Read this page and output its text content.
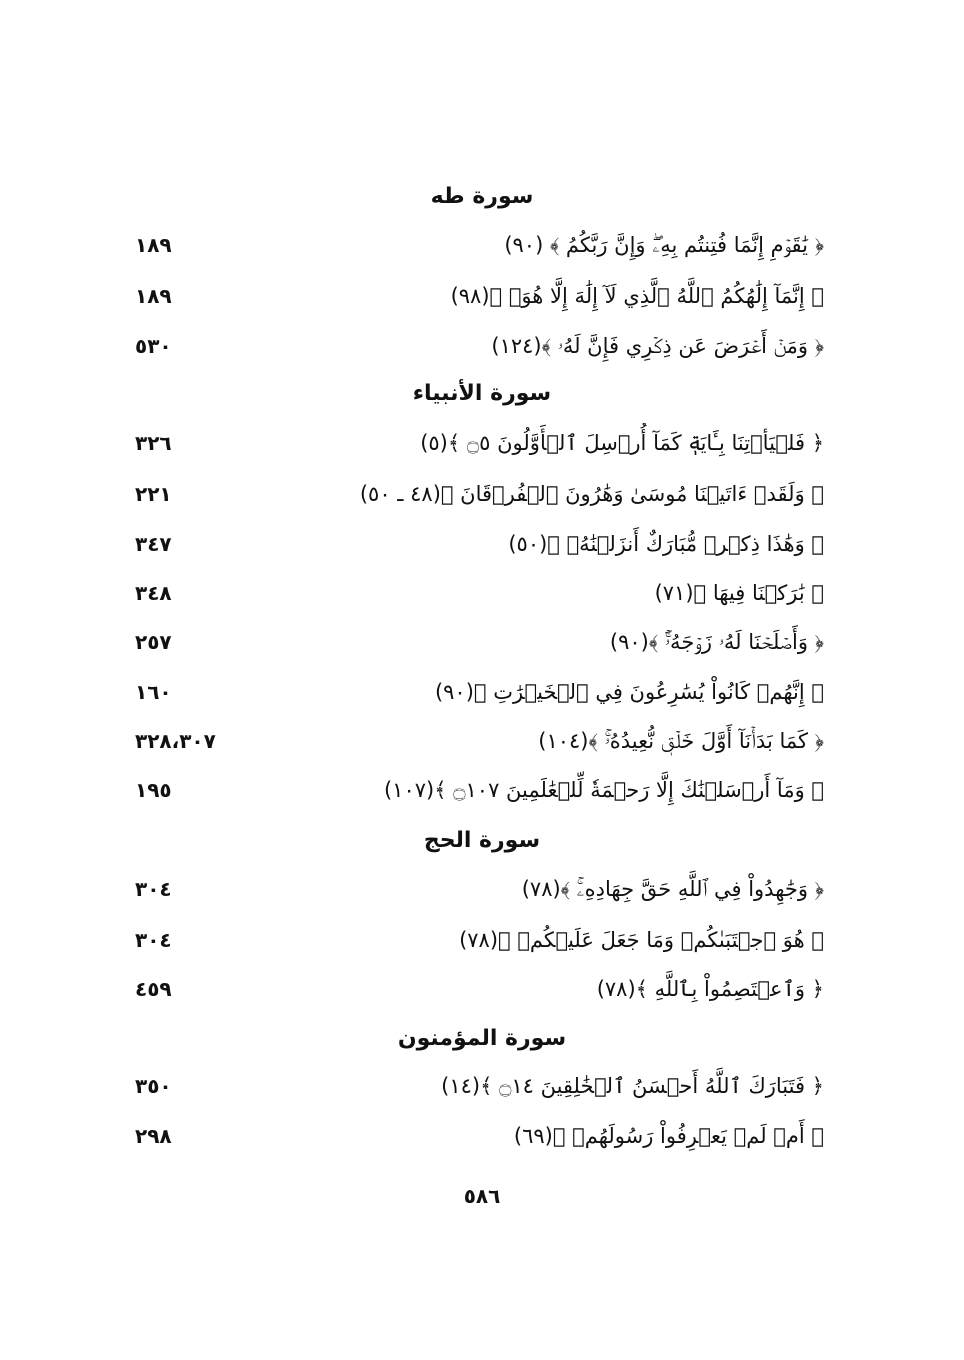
سورة طه
﴿ يَٰقَوۡمِ إِنَّمَا فُتِنتُم بِهِۦۖ وَإِنَّ رَبَّكُمُ ﴾ (٩٠)
١٨٩
﴿ إِنَّمَآ إِلَٰهُكُمُ ٱللَّهُ ٱلَّذِي لَآ إِلَٰهَ إِلَّا هُوَۚ ﴾(٩٨)
١٨٩
﴿ وَمَنۡ أَعۡرَضَ عَن ذِكۡرِي فَإِنَّ لَهُۥ ﴾(١٢٤)
٥٣٠
سورة الأنبياء
﴿ فَلۡيَأۡتِنَا بِـَٔايَةٖ كَمَآ أُرۡسِلَ ٱلۡأَوَّلُونَ ۝٥ ﴾(٥)
٣٢٦
﴿ وَلَقَدۡ ءَاتَيۡنَا مُوسَىٰ وَهَٰرُونَ ٱلۡفُرۡقَانَ ﴾(٤٨ ـ ٥٠)
٢٢١
﴿ وَهَٰذَا ذِكۡرٞ مُّبَارَكٌ أَنزَلۡنَٰهُۚ ﴾(٥٠)
٣٤٧
﴿ بَٰرَكۡنَا فِيهَا ﴾(٧١)
٣٤٨
﴿ وَأَصۡلَحۡنَا لَهُۥ زَوۡجَهُۥٓۚ ﴾(٩٠)
٢٥٧
﴿ إِنَّهُمۡ كَانُواْ يُسَٰرِعُونَ فِي ٱلۡخَيۡرَٰتِ ﴾(٩٠)
١٦٠
﴿ كَمَا بَدَأۡنَآ أَوَّلَ خَلۡقٖ نُّعِيدُهُۥۚ ﴾(١٠٤)
٣٢٨،٣٠٧
﴿ وَمَآ أَرۡسَلۡنَٰكَ إِلَّا رَحۡمَةٗ لِّلۡعَٰلَمِينَ ۝١٠٧ ﴾(١٠٧)
١٩٥
سورة الحج
﴿ وَجَٰهِدُواْ فِي ٱللَّهِ حَقَّ جِهَادِهِۦۚ ﴾(٧٨)
٣٠٤
﴿ هُوَ ٱجۡتَبَىٰكُمۡ وَمَا جَعَلَ عَلَيۡكُمۡ ﴾(٧٨)
٣٠٤
﴿ وَٱعۡتَصِمُواْ بِٱللَّهِ ﴾(٧٨)
٤٥٩
سورة المؤمنون
﴿ فَتَبَارَكَ ٱللَّهُ أَحۡسَنُ ٱلۡخَٰلِقِينَ ۝١٤ ﴾(١٤)
٣٥٠
﴿ أَمۡ لَمۡ يَعۡرِفُواْ رَسُولَهُمۡ ﴾(٦٩)
٢٩٨
٥٨٦
